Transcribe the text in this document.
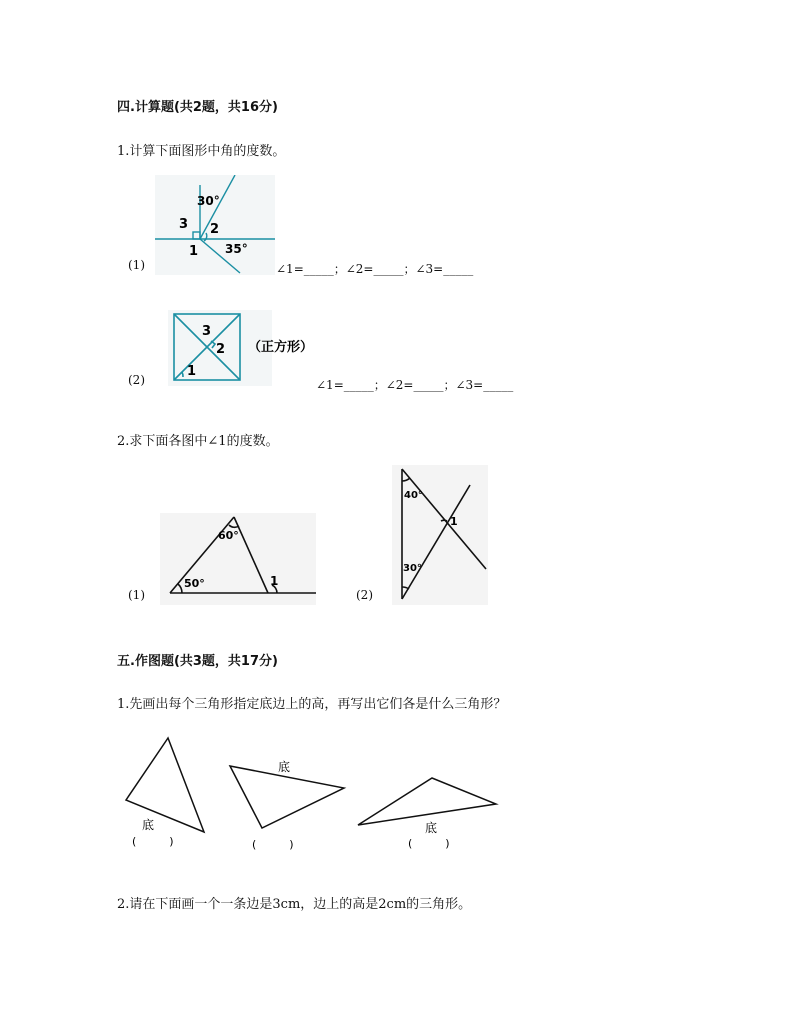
四.计算题(共2题，共16分)
1.计算下面图形中角的度数。
30°
3 2
1 35°
(1)	∠1=_____；∠2=_____；∠3=_____
3
2
1
（正方形）
(2)	∠1=_____；∠2=_____；∠3=_____
2.求下面各图中∠1的度数。
60°
50°	1
(1)
40°
30°
1
(2)
五.作图题(共3题，共17分)
1.先画出每个三角形指定底边上的高，再写出它们各是什么三角形？
底
底
底
(　　　)	(　　　)	(　　　)
2.请在下面画一个一条边是3cm，边上的高是2cm的三角形。
